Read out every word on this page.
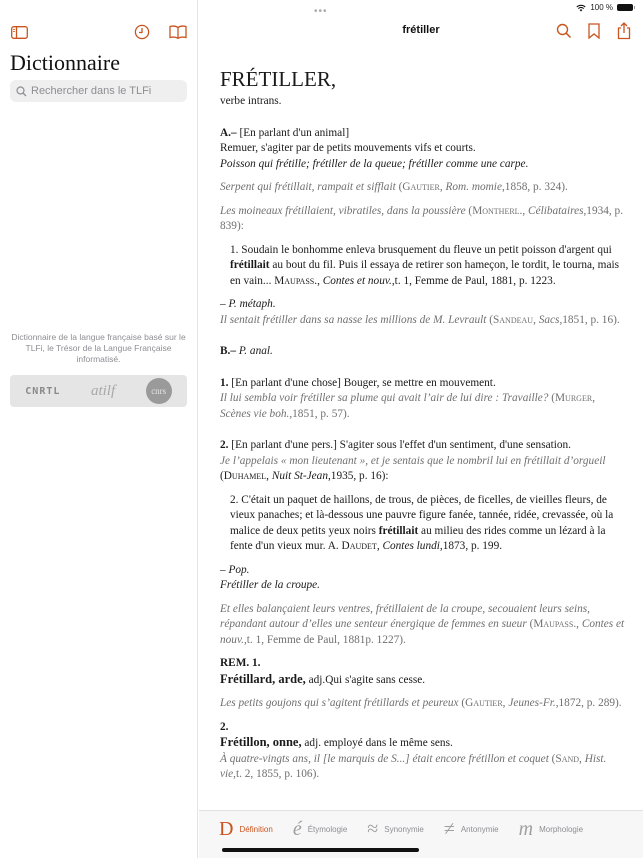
100 %
Dictionnaire
Rechercher dans le TLFi
Dictionnaire de la langue française basé sur le TLFi, le Trésor de la Langue Française informatisé.
CNRTL atilf	cnrs
•••
frétiller
FRÉTILLER,

verbe intrans.

A.– [En parlant d'un animal]

Remuer, s'agiter par de petits mouvements vifs et courts.

Poisson qui frétille; frétiller de la queue; frétiller comme une carpe.

Serpent qui frétillait, rampait et sifflait (Gautier, Rom. momie,1858, p. 324).

Les moineaux frétillaient, vibratiles, dans la poussière (Montherl., Célibataires,1934, p. 839):

1. Soudain le bonhomme enleva brusquement du fleuve un petit poisson d'argent qui frétillait au bout du fil. Puis il essaya de retirer son hameçon, le tordit, le tourna, mais en vain... Maupass., Contes et nouv.,t. 1, Femme de Paul, 1881, p. 1223.

– P. métaph.

Il sentait frétiller dans sa nasse les millions de M. Levrault (Sandeau, Sacs,1851, p. 16).

B.– P. anal.

1. [En parlant d'une chose] Bouger, se mettre en mouvement.

Il lui sembla voir frétiller sa plume qui avait l’air de lui dire : Travaille? (Murger, Scènes vie boh.,1851, p. 57).

2. [En parlant d'une pers.] S'agiter sous l'effet d'un sentiment, d'une sensation.

Je l’appelais « mon lieutenant », et je sentais que le nombril lui en frétillait d’orgueil (Duhamel, Nuit St-Jean,1935, p. 16):

2. C'était un paquet de haillons, de trous, de pièces, de ficelles, de vieilles fleurs, de vieux panaches; et là-dessous une pauvre figure fanée, tannée, ridée, crevassée, où la malice de deux petits yeux noirs frétillait au milieu des rides comme un lézard à la fente d'un vieux mur. A. Daudet, Contes lundi,1873, p. 199.

– Pop.

Frétiller de la croupe.

Et elles balançaient leurs ventres, frétillaient de la croupe, secouaient leurs seins, répandant autour d’elles une senteur énergique de femmes en sueur (Maupass., Contes et nouv.,t. 1, Femme de Paul, 1881p. 1227).

REM. 1.

Frétillard, arde, adj.Qui s'agite sans cesse.

Les petits goujons qui s’agitent frétillards et peureux (Gautier, Jeunes-Fr.,1872, p. 289).

2.

Frétillon, onne, adj. employé dans le même sens.

À quatre-vingts ans, il [le marquis de S...] était encore frétillon et coquet (Sand, Hist. vie,t. 2, 1855, p. 106).

D Définition é Étymologie ≈ Synonymie ≠ Antonymie m Morphologie
